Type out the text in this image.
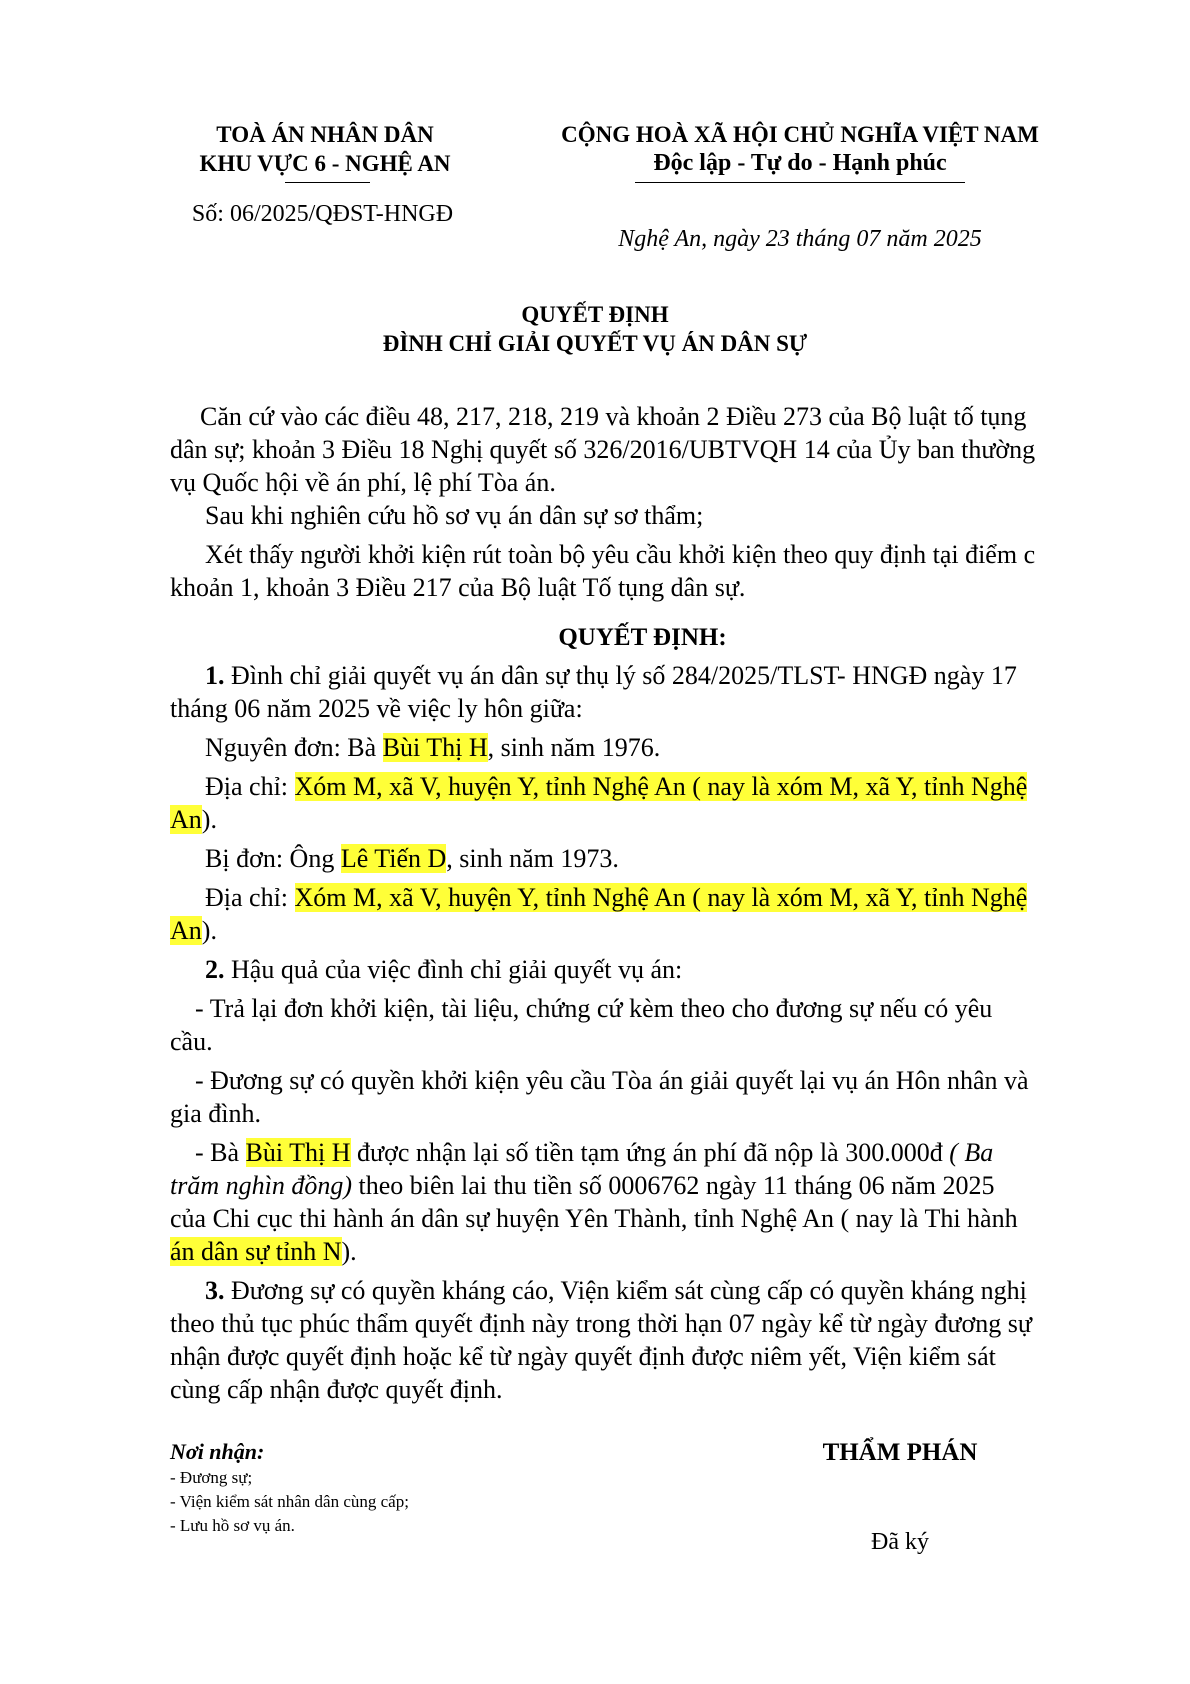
TOÀ ÁN NHÂN DÂN
KHU VỰC 6 - NGHỆ AN
Số: 06/2025/QĐST-HNGĐ
CỘNG HOÀ XÃ HỘI CHỦ NGHĨA VIỆT NAM
Độc lập - Tự do - Hạnh phúc
Nghệ An, ngày 23 tháng 07 năm 2025
QUYẾT ĐỊNH
ĐÌNH CHỈ GIẢI QUYẾT VỤ ÁN DÂN SỰ
Căn cứ vào các điều 48, 217, 218, 219 và khoản 2 Điều 273 của Bộ luật tố tụng
dân sự; khoản 3 Điều 18 Nghị quyết số 326/2016/UBTVQH 14 của Ủy ban thường
vụ Quốc hội về án phí, lệ phí Tòa án.
Sau khi nghiên cứu hồ sơ vụ án dân sự sơ thẩm;
Xét thấy người khởi kiện rút toàn bộ yêu cầu khởi kiện theo quy định tại điểm c
khoản 1, khoản 3 Điều 217 của Bộ luật Tố tụng dân sự.
QUYẾT ĐỊNH:
1. Đình chỉ giải quyết vụ án dân sự thụ lý số 284/2025/TLST- HNGĐ ngày 17
tháng 06 năm 2025 về việc ly hôn giữa:
Nguyên đơn: Bà Bùi Thị H, sinh năm 1976.
Địa chỉ: Xóm M, xã V, huyện Y, tỉnh Nghệ An ( nay là xóm M, xã Y, tỉnh Nghệ
An).
Bị đơn: Ông Lê Tiến D, sinh năm 1973.
Địa chỉ: Xóm M, xã V, huyện Y, tỉnh Nghệ An ( nay là xóm M, xã Y, tỉnh Nghệ
An).
2. Hậu quả của việc đình chỉ giải quyết vụ án:
- Trả lại đơn khởi kiện, tài liệu, chứng cứ kèm theo cho đương sự nếu có yêu
cầu.
- Đương sự có quyền khởi kiện yêu cầu Tòa án giải quyết lại vụ án Hôn nhân và
gia đình.
- Bà Bùi Thị H được nhận lại số tiền tạm ứng án phí đã nộp là 300.000đ ( Ba
trăm nghìn đồng) theo biên lai thu tiền số 0006762 ngày 11 tháng 06 năm 2025
của Chi cục thi hành án dân sự huyện Yên Thành, tỉnh Nghệ An ( nay là Thi hành
án dân sự tỉnh N).
3. Đương sự có quyền kháng cáo, Viện kiểm sát cùng cấp có quyền kháng nghị
theo thủ tục phúc thẩm quyết định này trong thời hạn 07 ngày kể từ ngày đương sự
nhận được quyết định hoặc kể từ ngày quyết định được niêm yết, Viện kiểm sát
cùng cấp nhận được quyết định.
Nơi nhận:
- Đương sự;
- Viện kiểm sát nhân dân cùng cấp;
- Lưu hồ sơ vụ án.
THẨM PHÁN
Đã ký
